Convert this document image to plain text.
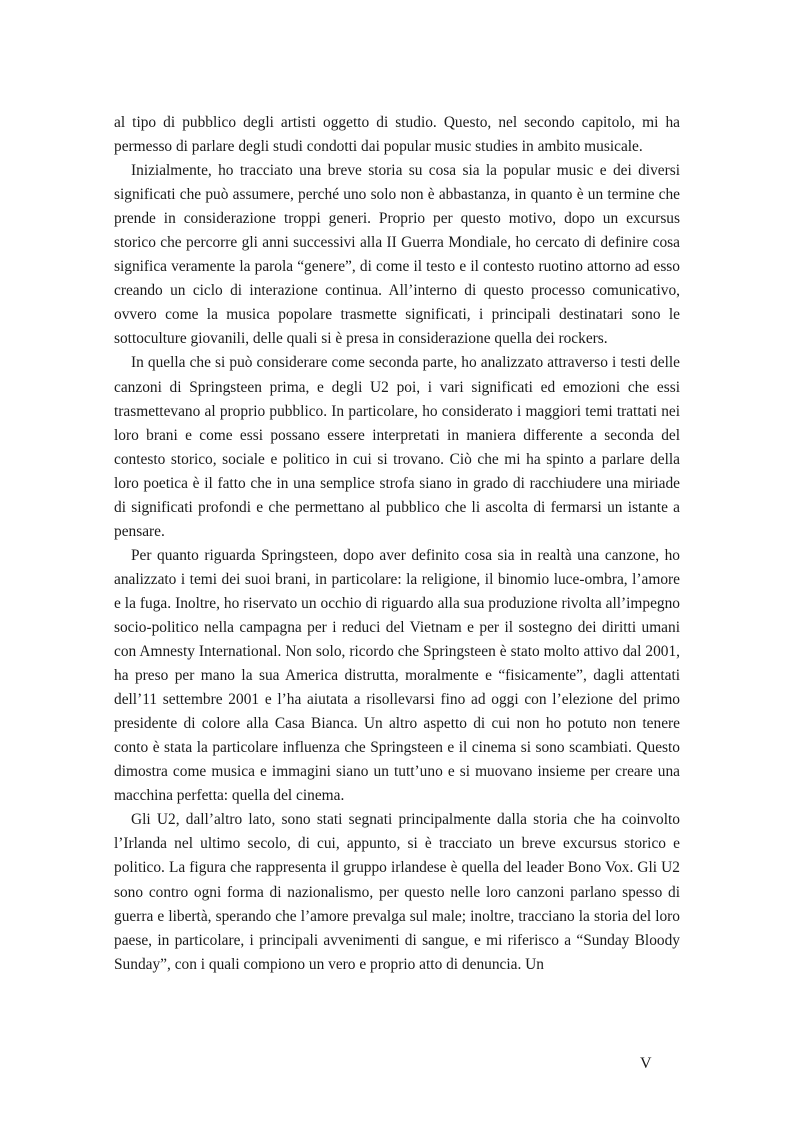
al tipo di pubblico degli artisti oggetto di studio. Questo, nel secondo capitolo, mi ha permesso di parlare degli studi condotti dai popular music studies in ambito musicale.

Inizialmente, ho tracciato una breve storia su cosa sia la popular music e dei diversi significati che può assumere, perché uno solo non è abbastanza, in quanto è un termine che prende in considerazione troppi generi. Proprio per questo motivo, dopo un excursus storico che percorre gli anni successivi alla II Guerra Mondiale, ho cercato di definire cosa significa veramente la parola “genere”, di come il testo e il contesto ruotino attorno ad esso creando un ciclo di interazione continua. All’interno di questo processo comunicativo, ovvero come la musica popolare trasmette significati, i principali destinatari sono le sottoculture giovanili, delle quali si è presa in considerazione quella dei rockers.

In quella che si può considerare come seconda parte, ho analizzato attraverso i testi delle canzoni di Springsteen prima, e degli U2 poi, i vari significati ed emozioni che essi trasmettevano al proprio pubblico. In particolare, ho considerato i maggiori temi trattati nei loro brani e come essi possano essere interpretati in maniera differente a seconda del contesto storico, sociale e politico in cui si trovano. Ciò che mi ha spinto a parlare della loro poetica è il fatto che in una semplice strofa siano in grado di racchiudere una miriade di significati profondi e che permettano al pubblico che li ascolta di fermarsi un istante a pensare.

Per quanto riguarda Springsteen, dopo aver definito cosa sia in realtà una canzone, ho analizzato i temi dei suoi brani, in particolare: la religione, il binomio luce-ombra, l’amore e la fuga. Inoltre, ho riservato un occhio di riguardo alla sua produzione rivolta all’impegno socio-politico nella campagna per i reduci del Vietnam e per il sostegno dei diritti umani con Amnesty International. Non solo, ricordo che Springsteen è stato molto attivo dal 2001, ha preso per mano la sua America distrutta, moralmente e “fisicamente”, dagli attentati dell’11 settembre 2001 e l’ha aiutata a risollevarsi fino ad oggi con l’elezione del primo presidente di colore alla Casa Bianca. Un altro aspetto di cui non ho potuto non tenere conto è stata la particolare influenza che Springsteen e il cinema si sono scambiati. Questo dimostra come musica e immagini siano un tutt’uno e si muovano insieme per creare una macchina perfetta: quella del cinema.

Gli U2, dall’altro lato, sono stati segnati principalmente dalla storia che ha coinvolto l’Irlanda nel ultimo secolo, di cui, appunto, si è tracciato un breve excursus storico e politico. La figura che rappresenta il gruppo irlandese è quella del leader Bono Vox. Gli U2 sono contro ogni forma di nazionalismo, per questo nelle loro canzoni parlano spesso di guerra e libertà, sperando che l’amore prevalga sul male; inoltre, tracciano la storia del loro paese, in particolare, i principali avvenimenti di sangue, e mi riferisco a “Sunday Bloody Sunday”, con i quali compiono un vero e proprio atto di denuncia. Un

V
